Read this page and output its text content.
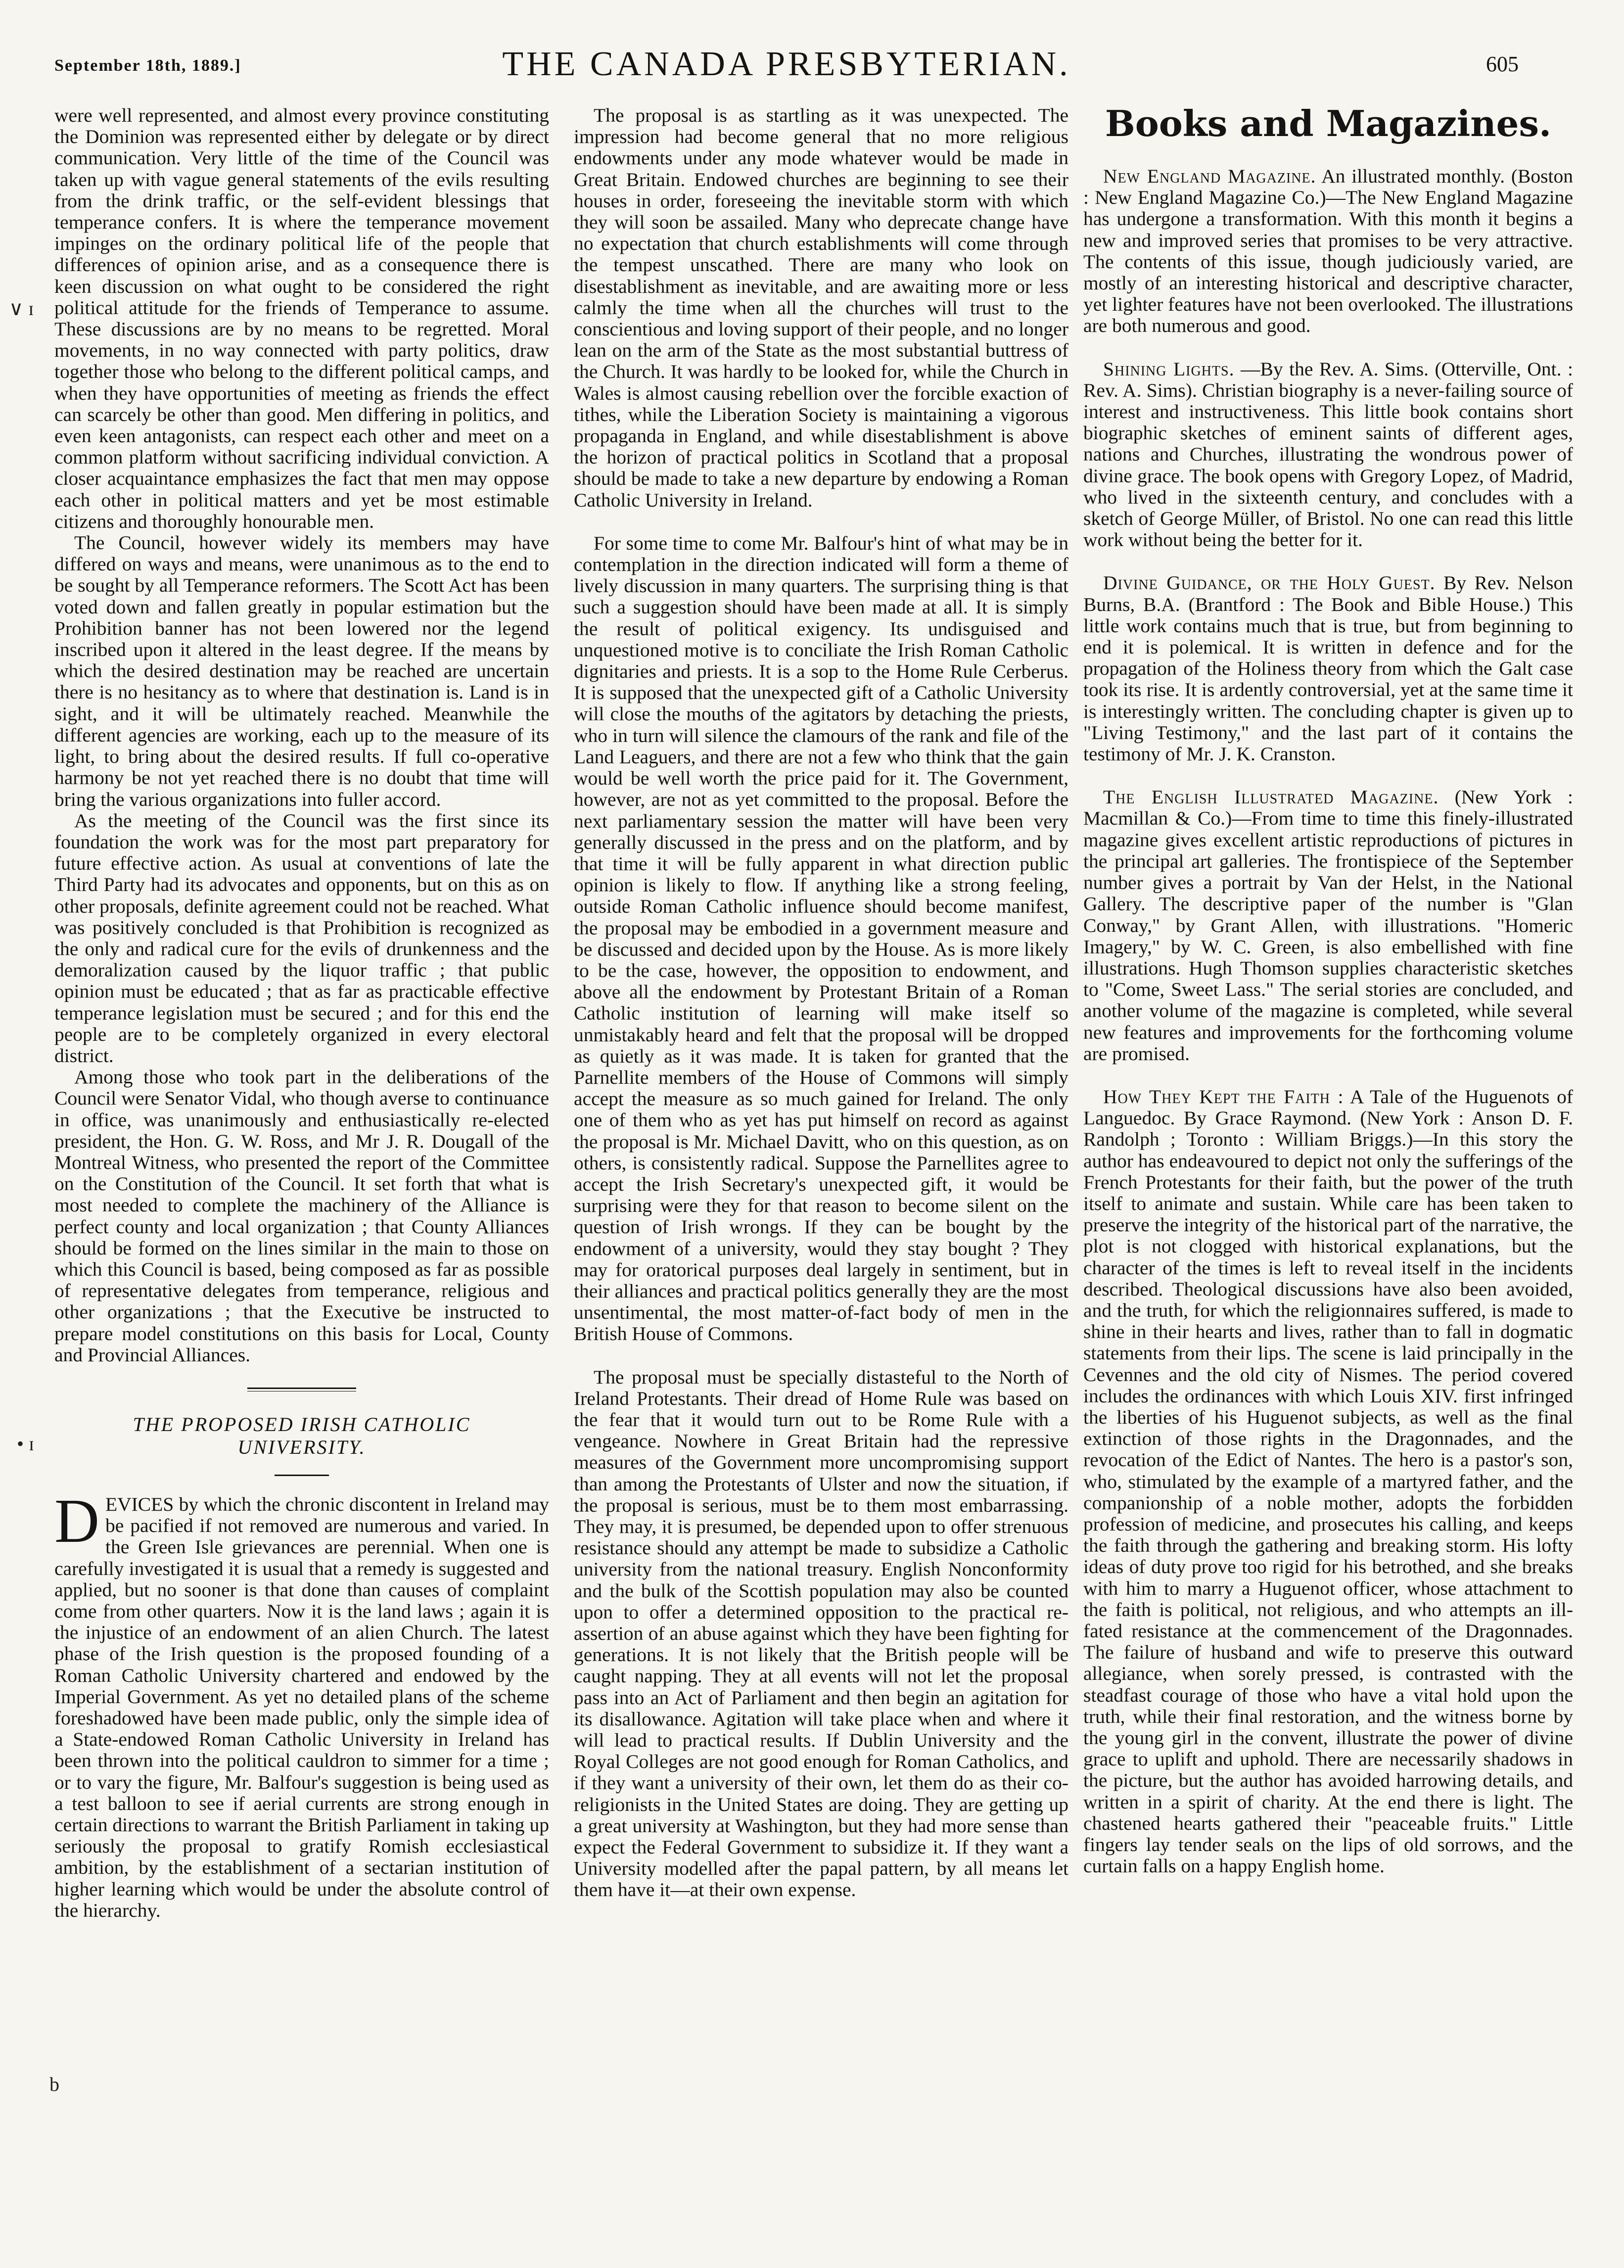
September 18th, 1889.]	THE CANADA PRESBYTERIAN.	605
∨ ɪ
• ɪ
b

were well represented, and almost every province constituting the Dominion was represented either by delegate or by direct communication. Very little of the time of the Council was taken up with vague general statements of the evils resulting from the drink traffic, or the self-evident blessings that temperance confers. It is where the temperance movement impinges on the ordinary political life of the people that differences of opinion arise, and as a consequence there is keen discussion on what ought to be considered the right political attitude for the friends of Temperance to assume. These discussions are by no means to be regretted. Moral movements, in no way connected with party politics, draw together those who belong to the different political camps, and when they have opportunities of meeting as friends the effect can scarcely be other than good. Men differing in politics, and even keen antagonists, can respect each other and meet on a common platform without sacrificing individual conviction. A closer acquaintance emphasizes the fact that men may oppose each other in political matters and yet be most estimable citizens and thoroughly honourable men.

The Council, however widely its members may have differed on ways and means, were unanimous as to the end to be sought by all Temperance reformers. The Scott Act has been voted down and fallen greatly in popular estimation but the Prohibition banner has not been lowered nor the legend inscribed upon it altered in the least degree. If the means by which the desired destination may be reached are uncertain there is no hesitancy as to where that destination is. Land is in sight, and it will be ultimately reached. Meanwhile the different agencies are working, each up to the measure of its light, to bring about the desired results. If full co-operative harmony be not yet reached there is no doubt that time will bring the various organizations into fuller accord.

As the meeting of the Council was the first since its foundation the work was for the most part preparatory for future effective action. As usual at conventions of late the Third Party had its advocates and opponents, but on this as on other proposals, definite agreement could not be reached. What was positively concluded is that Prohibition is recognized as the only and radical cure for the evils of drunkenness and the demoralization caused by the liquor traffic ; that public opinion must be educated ; that as far as practicable effective temperance legislation must be secured ; and for this end the people are to be completely organized in every electoral district.

Among those who took part in the deliberations of the Council were Senator Vidal, who though averse to continuance in office, was unanimously and enthusiastically re-elected president, the Hon. G. W. Ross, and Mr J. R. Dougall of the Montreal Witness, who presented the report of the Committee on the Constitution of the Council. It set forth that what is most needed to complete the machinery of the Alliance is perfect county and local organization ; that County Alliances should be formed on the lines similar in the main to those on which this Council is based, being composed as far as possible of representative delegates from temperance, religious and other organizations ; that the Executive be instructed to prepare model constitutions on this basis for Local, County and Provincial Alliances.

THE PROPOSED IRISH CATHOLIC UNIVERSITY.

DEVICES by which the chronic discontent in Ireland may be pacified if not removed are numerous and varied. In the Green Isle grievances are perennial. When one is carefully investigated it is usual that a remedy is suggested and applied, but no sooner is that done than causes of complaint come from other quarters. Now it is the land laws ; again it is the injustice of an endowment of an alien Church. The latest phase of the Irish question is the proposed founding of a Roman Catholic University chartered and endowed by the Imperial Government. As yet no detailed plans of the scheme foreshadowed have been made public, only the simple idea of a State-endowed Roman Catholic University in Ireland has been thrown into the political cauldron to simmer for a time ; or to vary the figure, Mr. Balfour's suggestion is being used as a test balloon to see if aerial currents are strong enough in certain directions to warrant the British Parliament in taking up seriously the proposal to gratify Romish ecclesiastical ambition, by the establishment of a sectarian institution of higher learning which would be under the absolute control of the hierarchy.

The proposal is as startling as it was unexpected. The impression had become general that no more religious endowments under any mode whatever would be made in Great Britain. Endowed churches are beginning to see their houses in order, foreseeing the inevitable storm with which they will soon be assailed. Many who deprecate change have no expectation that church establishments will come through the tempest unscathed. There are many who look on disestablishment as inevitable, and are awaiting more or less calmly the time when all the churches will trust to the conscientious and loving support of their people, and no longer lean on the arm of the State as the most substantial buttress of the Church. It was hardly to be looked for, while the Church in Wales is almost causing rebellion over the forcible exaction of tithes, while the Liberation Society is maintaining a vigorous propaganda in England, and while disestablishment is above the horizon of practical politics in Scotland that a proposal should be made to take a new departure by endowing a Roman Catholic University in Ireland.

For some time to come Mr. Balfour's hint of what may be in contemplation in the direction indicated will form a theme of lively discussion in many quarters. The surprising thing is that such a suggestion should have been made at all. It is simply the result of political exigency. Its undisguised and unquestioned motive is to conciliate the Irish Roman Catholic dignitaries and priests. It is a sop to the Home Rule Cerberus. It is supposed that the unexpected gift of a Catholic University will close the mouths of the agitators by detaching the priests, who in turn will silence the clamours of the rank and file of the Land Leaguers, and there are not a few who think that the gain would be well worth the price paid for it. The Government, however, are not as yet committed to the proposal. Before the next parliamentary session the matter will have been very generally discussed in the press and on the platform, and by that time it will be fully apparent in what direction public opinion is likely to flow. If anything like a strong feeling, outside Roman Catholic influence should become manifest, the proposal may be embodied in a government measure and be discussed and decided upon by the House. As is more likely to be the case, however, the opposition to endowment, and above all the endowment by Protestant Britain of a Roman Catholic institution of learning will make itself so unmistakably heard and felt that the proposal will be dropped as quietly as it was made. It is taken for granted that the Parnellite members of the House of Commons will simply accept the measure as so much gained for Ireland. The only one of them who as yet has put himself on record as against the proposal is Mr. Michael Davitt, who on this question, as on others, is consistently radical. Suppose the Parnellites agree to accept the Irish Secretary's unexpected gift, it would be surprising were they for that reason to become silent on the question of Irish wrongs. If they can be bought by the endowment of a university, would they stay bought ? They may for oratorical purposes deal largely in sentiment, but in their alliances and practical politics generally they are the most unsentimental, the most matter-of-fact body of men in the British House of Commons.

The proposal must be specially distasteful to the North of Ireland Protestants. Their dread of Home Rule was based on the fear that it would turn out to be Rome Rule with a vengeance. Nowhere in Great Britain had the repressive measures of the Government more uncompromising support than among the Protestants of Ulster and now the situation, if the proposal is serious, must be to them most embarrassing. They may, it is presumed, be depended upon to offer strenuous resistance should any attempt be made to subsidize a Catholic university from the national treasury. English Nonconformity and the bulk of the Scottish population may also be counted upon to offer a determined opposition to the practical re-assertion of an abuse against which they have been fighting for generations. It is not likely that the British people will be caught napping. They at all events will not let the proposal pass into an Act of Parliament and then begin an agitation for its disallowance. Agitation will take place when and where it will lead to practical results. If Dublin University and the Royal Colleges are not good enough for Roman Catholics, and if they want a university of their own, let them do as their co-religionists in the United States are doing. They are getting up a great university at Washington, but they had more sense than expect the Federal Government to subsidize it. If they want a University modelled after the papal pattern, by all means let them have it—at their own expense.

Books and Magazines.

New England Magazine. An illustrated monthly. (Boston : New England Magazine Co.)—The New England Magazine has undergone a transformation. With this month it begins a new and improved series that promises to be very attractive. The contents of this issue, though judiciously varied, are mostly of an interesting historical and descriptive character, yet lighter features have not been overlooked. The illustrations are both numerous and good.

Shining Lights. —By the Rev. A. Sims. (Otterville, Ont. : Rev. A. Sims). Christian biography is a never-failing source of interest and instructiveness. This little book contains short biographic sketches of eminent saints of different ages, nations and Churches, illustrating the wondrous power of divine grace. The book opens with Gregory Lopez, of Madrid, who lived in the sixteenth century, and concludes with a sketch of George Müller, of Bristol. No one can read this little work without being the better for it.

Divine Guidance, or the Holy Guest. By Rev. Nelson Burns, B.A. (Brantford : The Book and Bible House.) This little work contains much that is true, but from beginning to end it is polemical. It is written in defence and for the propagation of the Holiness theory from which the Galt case took its rise. It is ardently controversial, yet at the same time it is interestingly written. The concluding chapter is given up to "Living Testimony," and the last part of it contains the testimony of Mr. J. K. Cranston.

The English Illustrated Magazine. (New York : Macmillan & Co.)—From time to time this finely-illustrated magazine gives excellent artistic reproductions of pictures in the principal art galleries. The frontispiece of the September number gives a portrait by Van der Helst, in the National Gallery. The descriptive paper of the number is "Glan Conway," by Grant Allen, with illustrations. "Homeric Imagery," by W. C. Green, is also embellished with fine illustrations. Hugh Thomson supplies characteristic sketches to "Come, Sweet Lass." The serial stories are concluded, and another volume of the magazine is completed, while several new features and improvements for the forthcoming volume are promised.

How They Kept the Faith : A Tale of the Huguenots of Languedoc. By Grace Raymond. (New York : Anson D. F. Randolph ; Toronto : William Briggs.)—In this story the author has endeavoured to depict not only the sufferings of the French Protestants for their faith, but the power of the truth itself to animate and sustain. While care has been taken to preserve the integrity of the historical part of the narrative, the plot is not clogged with historical explanations, but the character of the times is left to reveal itself in the incidents described. Theological discussions have also been avoided, and the truth, for which the religionnaires suffered, is made to shine in their hearts and lives, rather than to fall in dogmatic statements from their lips. The scene is laid principally in the Cevennes and the old city of Nismes. The period covered includes the ordinances with which Louis XIV. first infringed the liberties of his Huguenot subjects, as well as the final extinction of those rights in the Dragonnades, and the revocation of the Edict of Nantes. The hero is a pastor's son, who, stimulated by the example of a martyred father, and the companionship of a noble mother, adopts the forbidden profession of medicine, and prosecutes his calling, and keeps the faith through the gathering and breaking storm. His lofty ideas of duty prove too rigid for his betrothed, and she breaks with him to marry a Huguenot officer, whose attachment to the faith is political, not religious, and who attempts an ill-fated resistance at the commencement of the Dragonnades. The failure of husband and wife to preserve this outward allegiance, when sorely pressed, is contrasted with the steadfast courage of those who have a vital hold upon the truth, while their final restoration, and the witness borne by the young girl in the convent, illustrate the power of divine grace to uplift and uphold. There are necessarily shadows in the picture, but the author has avoided harrowing details, and written in a spirit of charity. At the end there is light. The chastened hearts gathered their "peaceable fruits." Little fingers lay tender seals on the lips of old sorrows, and the curtain falls on a happy English home.
